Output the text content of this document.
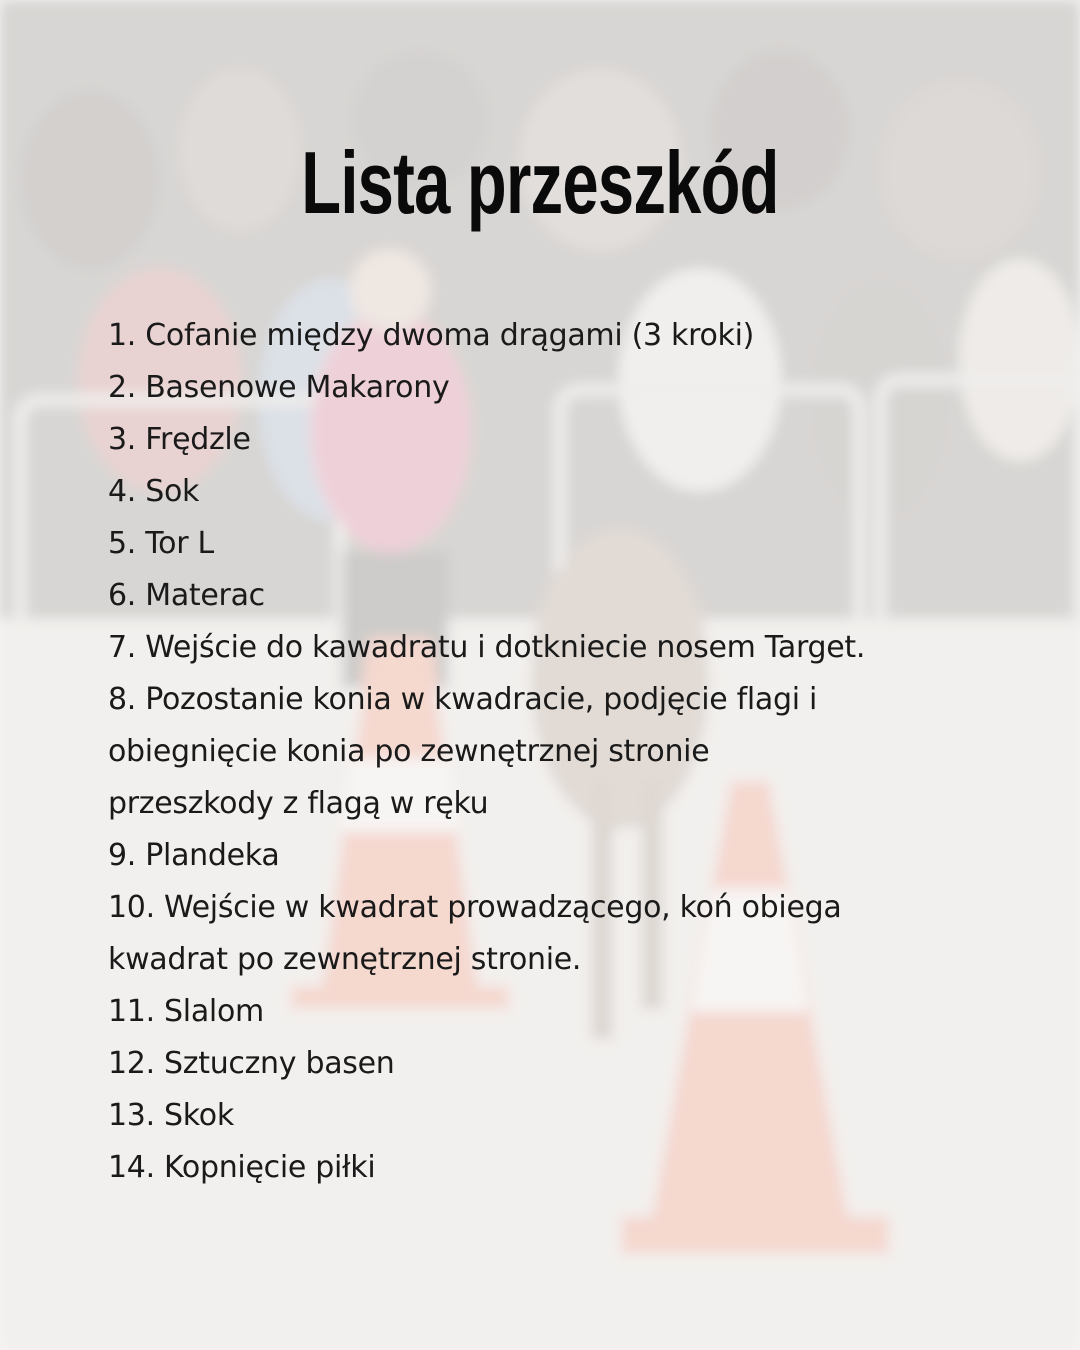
Lista przeszkód
1. Cofanie między dwoma drągami (3 kroki)
2. Basenowe Makarony
3. Frędzle
4. Sok
5. Tor L
6. Materac
7. Wejście do kawadratu i dotkniecie nosem Target.
8. Pozostanie konia w kwadracie, podjęcie flagi i
obiegnięcie konia po zewnętrznej stronie
przeszkody z flagą w ręku
9. Plandeka
10. Wejście w kwadrat prowadzącego, koń obiega
kwadrat po zewnętrznej stronie.
11. Slalom
12. Sztuczny basen
13. Skok
14. Kopnięcie piłki
